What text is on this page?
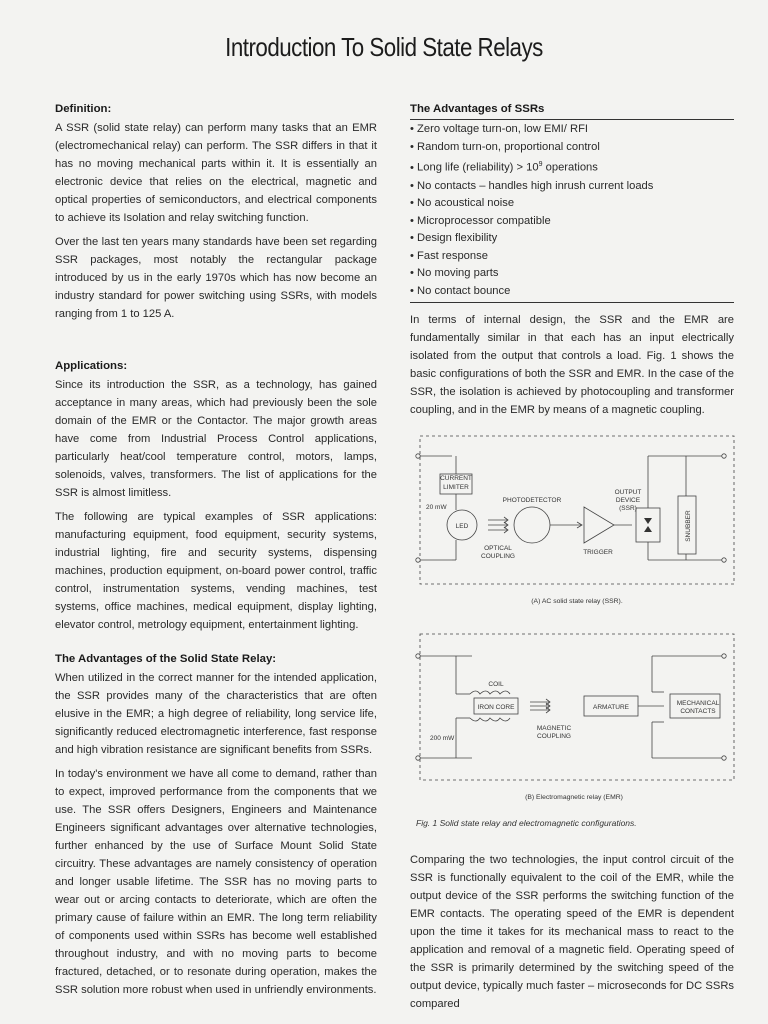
Introduction To Solid State Relays
Definition:

A SSR (solid state relay) can perform many tasks that an EMR (electromechanical relay) can perform. The SSR differs in that it has no moving mechanical parts within it. It is essentially an electronic device that relies on the electrical, magnetic and optical properties of semiconductors, and electrical components to achieve its Isolation and relay switching function.

Over the last ten years many standards have been set regarding SSR packages, most notably the rectangular package introduced by us in the early 1970s which has now become an industry standard for power switching using SSRs, with models ranging from 1 to 125 A.

Applications:

Since its introduction the SSR, as a technology, has gained acceptance in many areas, which had previously been the sole domain of the EMR or the Contactor. The major growth areas have come from Industrial Process Control applications, particularly heat/cool temperature control, motors, lamps, solenoids, valves, transformers. The list of applications for the SSR is almost limitless.

The following are typical examples of SSR applications: manufacturing equipment, food equipment, security systems, industrial lighting, fire and security systems, dispensing machines, production equipment, on-board power control, traffic control, instrumentation systems, vending machines, test systems, office machines, medical equipment, display lighting, elevator control, metrology equipment, entertainment lighting.

The Advantages of the Solid State Relay:

When utilized in the correct manner for the intended application, the SSR provides many of the characteristics that are often elusive in the EMR; a high degree of reliability, long service life, significantly reduced electromagnetic interference, fast response and high vibration resistance are significant benefits from SSRs.

In today's environment we have all come to demand, rather than to expect, improved performance from the components that we use. The SSR offers Designers, Engineers and Maintenance Engineers significant advantages over alternative technologies, further enhanced by the use of Surface Mount Solid State circuitry. These advantages are namely consistency of operation and longer usable lifetime. The SSR has no moving parts to wear out or arcing contacts to deteriorate, which are often the primary cause of failure within an EMR. The long term reliability of components used within SSRs has become well established throughout industry, and with no moving parts to become fractured, detached, or to resonate during operation, makes the SSR solution more robust when used in unfriendly environments.

The Advantages of SSRs
• Zero voltage turn-on, low EMI/ RFI
• Random turn-on, proportional control
• Long life (reliability) > $10^9$ operations
• No contacts – handles high inrush current loads
• No acoustical noise
• Microprocessor compatible
• Design flexibility
• Fast response
• No moving parts
• No contact bounce

In terms of internal design, the SSR and the EMR are fundamentally similar in that each has an input electrically isolated from the output that controls a load. Fig. 1 shows the basic configurations of both the SSR and EMR. In the case of the SSR, the isolation is achieved by photocoupling and transformer coupling, and in the EMR by means of a magnetic coupling.

CURRENT
LIMITER
20 mW
PHOTODETECTOR
OUTPUT
DEVICE
(SSR)
LED	SNUBBER
OPTICAL
COUPLING
TRIGGER
(A) AC solid state relay (SSR).
COIL
IRON CORE	ARMATURE
MECHANICAL
CONTACTS
200 mW
MAGNETIC
COUPLING
(B) Electromagnetic relay (EMR)
Fig. 1 Solid state relay and electromagnetic configurations.

Comparing the two technologies, the input control circuit of the SSR is functionally equivalent to the coil of the EMR, while the output device of the SSR performs the switching function of the EMR contacts. The operating speed of the EMR is dependent upon the time it takes for its mechanical mass to react to the application and removal of a magnetic field. Operating speed of the SSR is primarily determined by the switching speed of the output device, typically much faster – microseconds for DC SSRs compared
